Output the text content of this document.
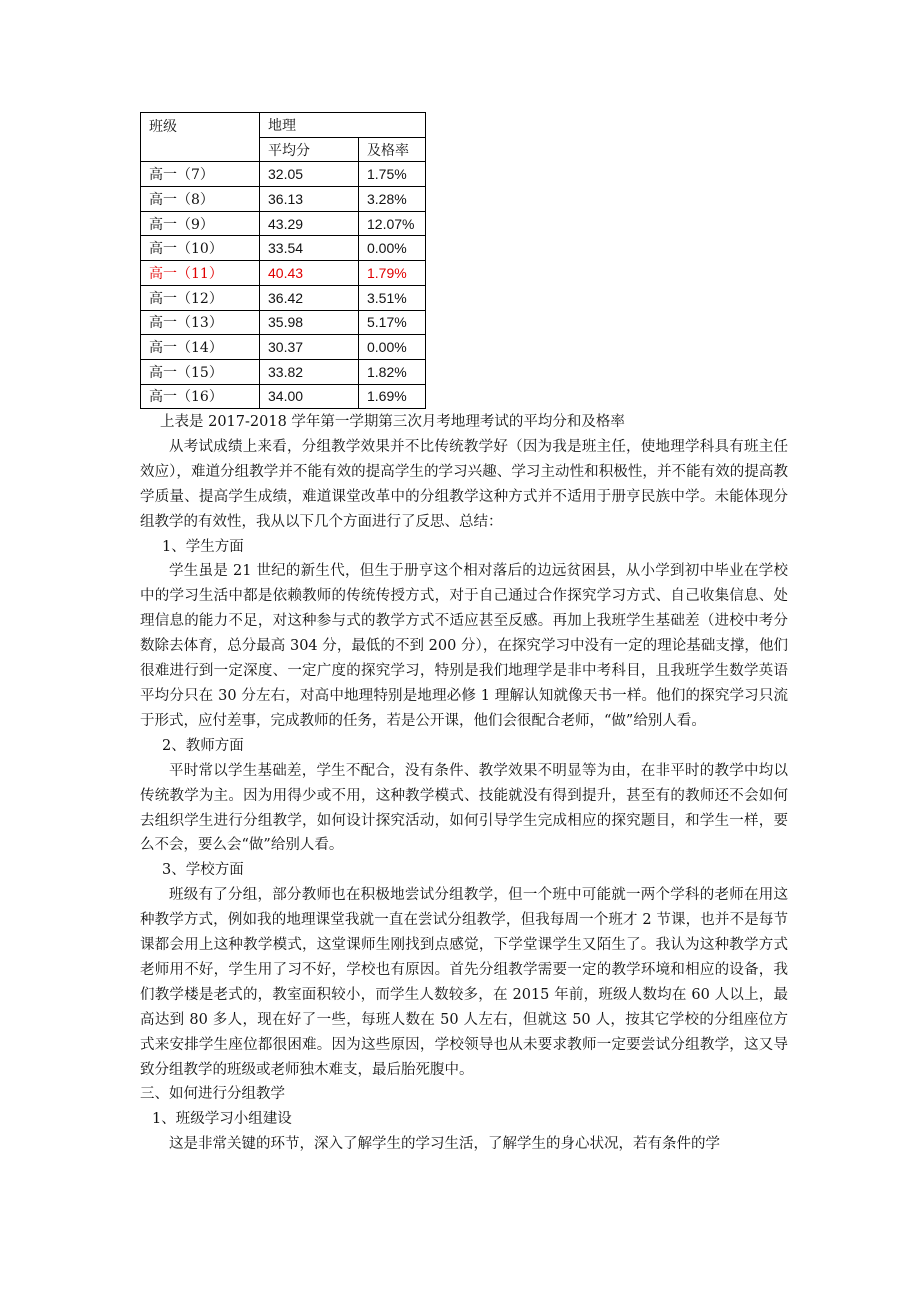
班级	地理	
	平均分	及格率
高一（7）	32.05	1.75%
高一（8）	36.13	3.28%
高一（9）	43.29	12.07%
高一（10）	33.54	0.00%
高一（11）	40.43	1.79%
高一（12）	36.42	3.51%
高一（13）	35.98	5.17%
高一（14）	30.37	0.00%
高一（15）	33.82	1.82%
高一（16）	34.00	1.69%

上表是 2017-2018 学年第一学期第三次月考地理考试的平均分和及格率

从考试成绩上来看，分组教学效果并不比传统教学好（因为我是班主任，使地理学科具有班主任效应），难道分组教学并不能有效的提高学生的学习兴趣、学习主动性和积极性，并不能有效的提高教学质量、提高学生成绩，难道课堂改革中的分组教学这种方式并不适用于册亨民族中学。未能体现分组教学的有效性，我从以下几个方面进行了反思、总结：

1、学生方面

学生虽是 21 世纪的新生代，但生于册亨这个相对落后的边远贫困县，从小学到初中毕业在学校中的学习生活中都是依赖教师的传统传授方式，对于自己通过合作探究学习方式、自己收集信息、处理信息的能力不足，对这种参与式的教学方式不适应甚至反感。再加上我班学生基础差（进校中考分数除去体育，总分最高 304 分，最低的不到 200 分），在探究学习中没有一定的理论基础支撑，他们很难进行到一定深度、一定广度的探究学习，特别是我们地理学是非中考科目，且我班学生数学英语平均分只在 30 分左右，对高中地理特别是地理必修 1 理解认知就像天书一样。他们的探究学习只流于形式，应付差事，完成教师的任务，若是公开课，他们会很配合老师，“做”给别人看。

2、教师方面

平时常以学生基础差，学生不配合，没有条件、教学效果不明显等为由，在非平时的教学中均以传统教学为主。因为用得少或不用，这种教学模式、技能就没有得到提升，甚至有的教师还不会如何去组织学生进行分组教学，如何设计探究活动，如何引导学生完成相应的探究题目，和学生一样，要么不会，要么会“做”给别人看。

3、学校方面

班级有了分组，部分教师也在积极地尝试分组教学，但一个班中可能就一两个学科的老师在用这种教学方式，例如我的地理课堂我就一直在尝试分组教学，但我每周一个班才 2 节课，也并不是每节课都会用上这种教学模式，这堂课师生刚找到点感觉，下学堂课学生又陌生了。我认为这种教学方式老师用不好，学生用了习不好，学校也有原因。首先分组教学需要一定的教学环境和相应的设备，我们教学楼是老式的，教室面积较小，而学生人数较多，在 2015 年前，班级人数均在 60 人以上，最高达到 80 多人，现在好了一些，每班人数在 50 人左右，但就这 50 人，按其它学校的分组座位方式来安排学生座位都很困难。因为这些原因，学校领导也从未要求教师一定要尝试分组教学，这又导致分组教学的班级或老师独木难支，最后胎死腹中。

三、如何进行分组教学

1、班级学习小组建设

这是非常关键的环节，深入了解学生的学习生活，了解学生的身心状况，若有条件的学
